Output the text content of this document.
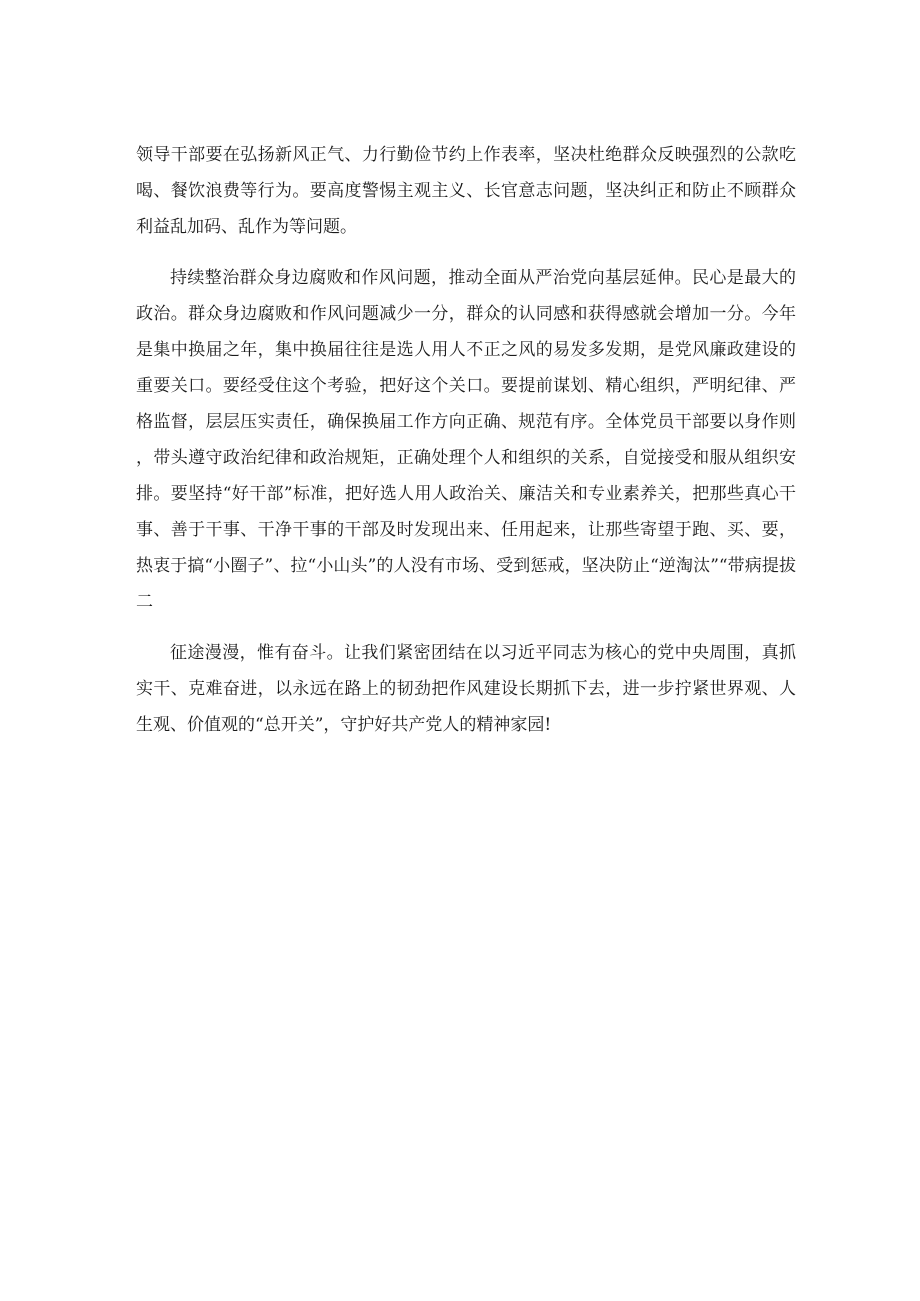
领导干部要在弘扬新风正气、力行勤俭节约上作表率，坚决杜绝群众反映强烈的公款吃喝、餐饮浪费等行为。要高度警惕主观主义、长官意志问题，坚决纠正和防止不顾群众利益乱加码、乱作为等问题。

持续整治群众身边腐败和作风问题，推动全面从严治党向基层延伸。民心是最大的政治。群众身边腐败和作风问题减少一分，群众的认同感和获得感就会增加一分。今年是集中换届之年，集中换届往往是选人用人不正之风的易发多发期，是党风廉政建设的重要关口。要经受住这个考验，把好这个关口。要提前谋划、精心组织，严明纪律、严格监督，层层压实责任，确保换届工作方向正确、规范有序。全体党员干部要以身作则，带头遵守政治纪律和政治规矩，正确处理个人和组织的关系，自觉接受和服从组织安排。要坚持“好干部”标准，把好选人用人政治关、廉洁关和专业素养关，把那些真心干事、善于干事、干净干事的干部及时发现出来、任用起来，让那些寄望于跑、买、要，热衷于搞“小圈子”、拉“小山头”的人没有市场、受到惩戒，坚决防止“逆淘汰”“带病提拔二

征途漫漫，惟有奋斗。让我们紧密团结在以习近平同志为核心的党中央周围，真抓实干、克难奋进，以永远在路上的韧劲把作风建设长期抓下去，进一步拧紧世界观、人生观、价值观的“总开关”，守护好共产党人的精神家园!
